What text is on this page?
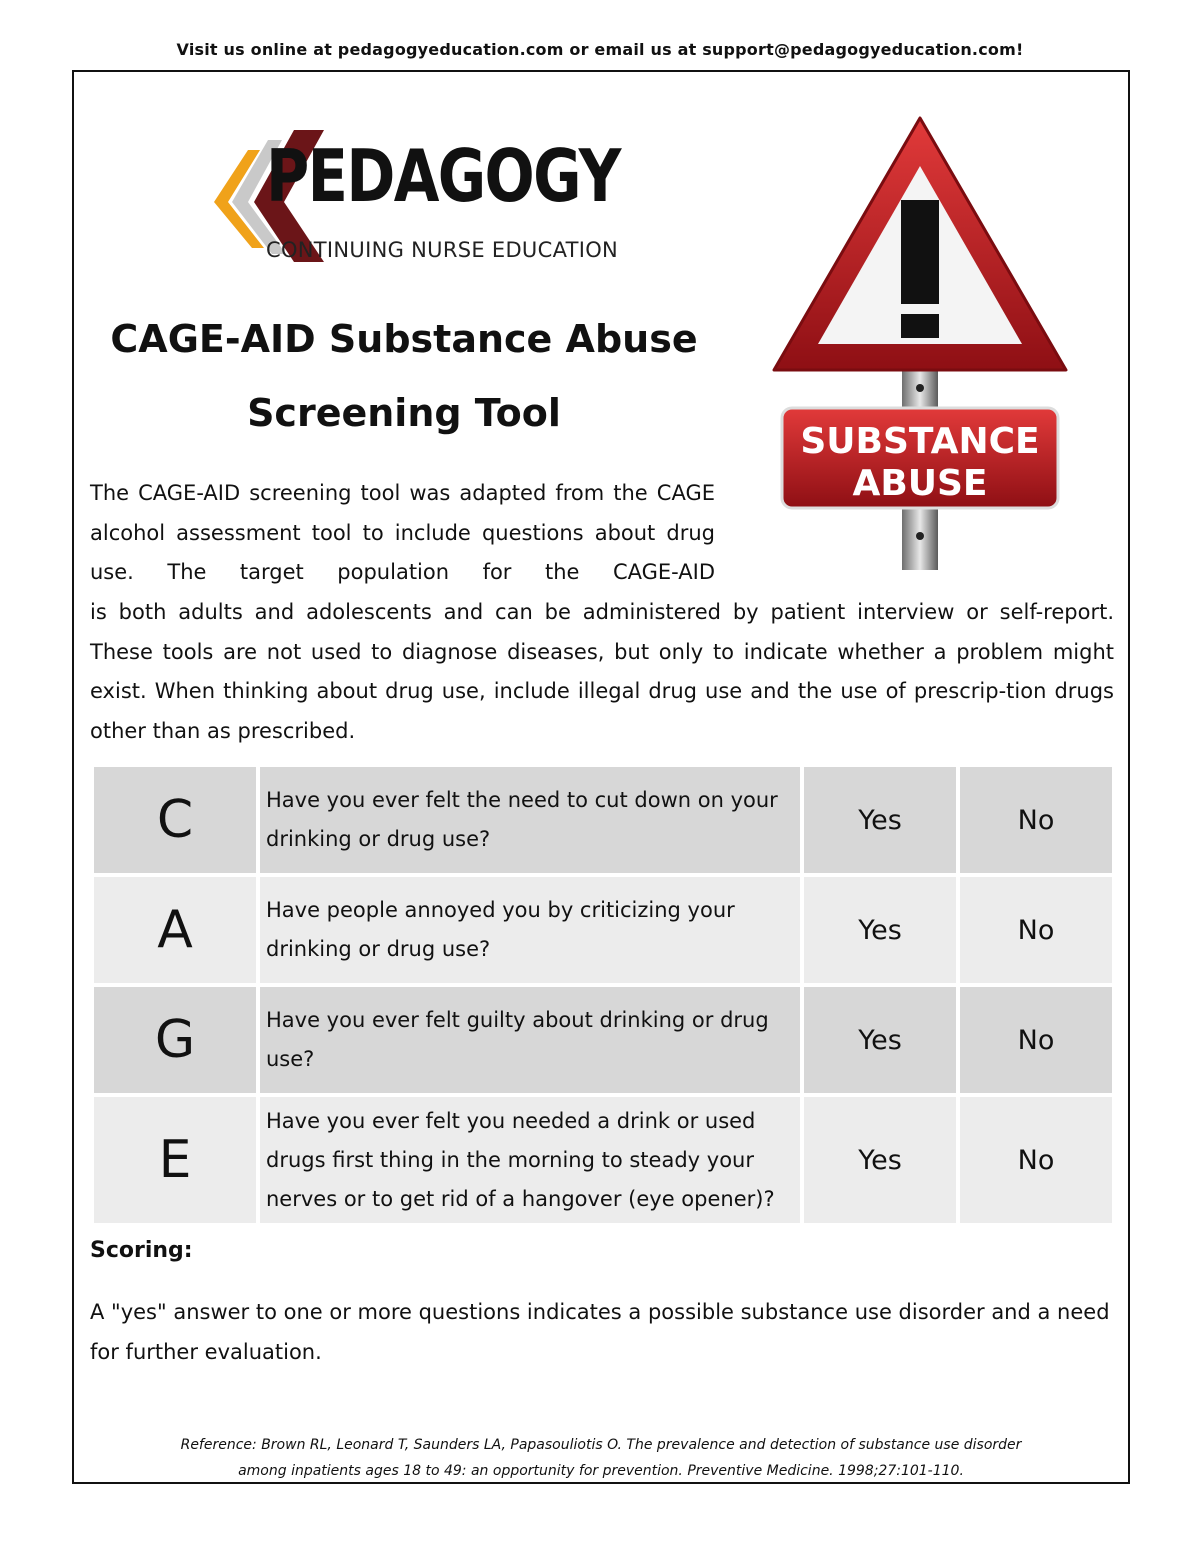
Visit us online at pedagogyeducation.com or email us at support@pedagogyeducation.com!
PEDAGOGY
CONTINUING NURSE EDUCATION
CAGE-AID Substance Abuse
Screening Tool
SUBSTANCE
ABUSE
The CAGE-AID screening tool was adapted from the CAGE alcohol assessment tool to include questions about drug use. The target population for the CAGE-AID
is both adults and adolescents and can be administered by patient interview or self-report. These tools are not used to diagnose diseases, but only to indicate whether a problem might exist. When thinking about drug use, include illegal drug use and the use of prescrip-tion drugs other than as prescribed.
C	Have you ever felt the need to cut down on your drinking or drug use?	Yes	No
A	Have people annoyed you by criticizing your drinking or drug use?	Yes	No
G	Have you ever felt guilty about drinking or drug use?	Yes	No
E	Have you ever felt you needed a drink or used drugs first thing in the morning to steady your nerves or to get rid of a hangover (eye opener)?	Yes	No
Scoring:
A "yes" answer to one or more questions indicates a possible substance use disorder and a need for further evaluation.
Reference: Brown RL, Leonard T, Saunders LA, Papasouliotis O. The prevalence and detection of substance use disorder
among inpatients ages 18 to 49: an opportunity for prevention. Preventive Medicine. 1998;27:101-110.
